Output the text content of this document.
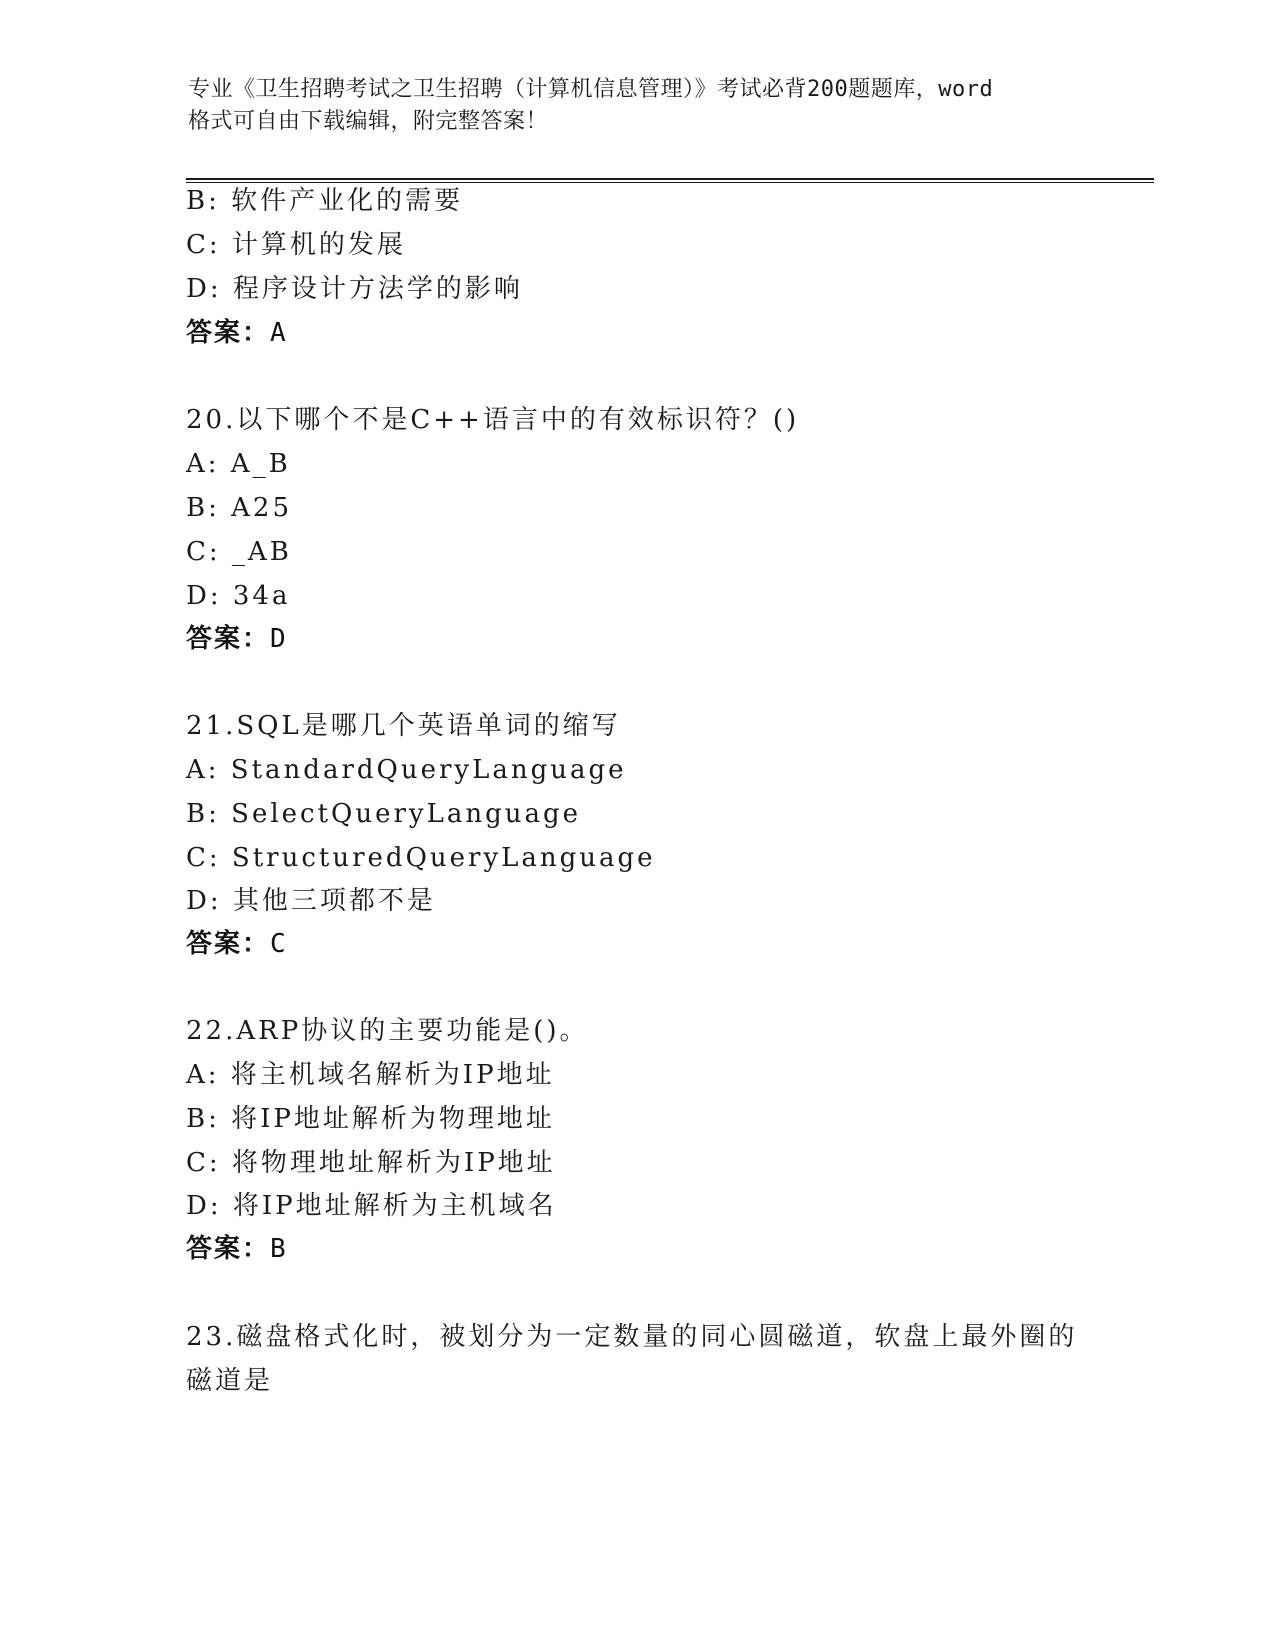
专业《卫生招聘考试之卫生招聘（计算机信息管理）》考试必背200题题库，word
格式可自由下载编辑，附完整答案！
B: 软件产业化的需要
C: 计算机的发展
D: 程序设计方法学的影响
答案：A
20.以下哪个不是C++语言中的有效标识符？()
A: A_B
B: A25
C: _AB
D: 34a
答案：D
21.SQL是哪几个英语单词的缩写
A: StandardQueryLanguage
B: SelectQueryLanguage
C: StructuredQueryLanguage
D: 其他三项都不是
答案：C
22.ARP协议的主要功能是()。
A: 将主机域名解析为IP地址
B: 将IP地址解析为物理地址
C: 将物理地址解析为IP地址
D: 将IP地址解析为主机域名
答案：B
23.磁盘格式化时，被划分为一定数量的同心圆磁道，软盘上最外圈的
磁道是
